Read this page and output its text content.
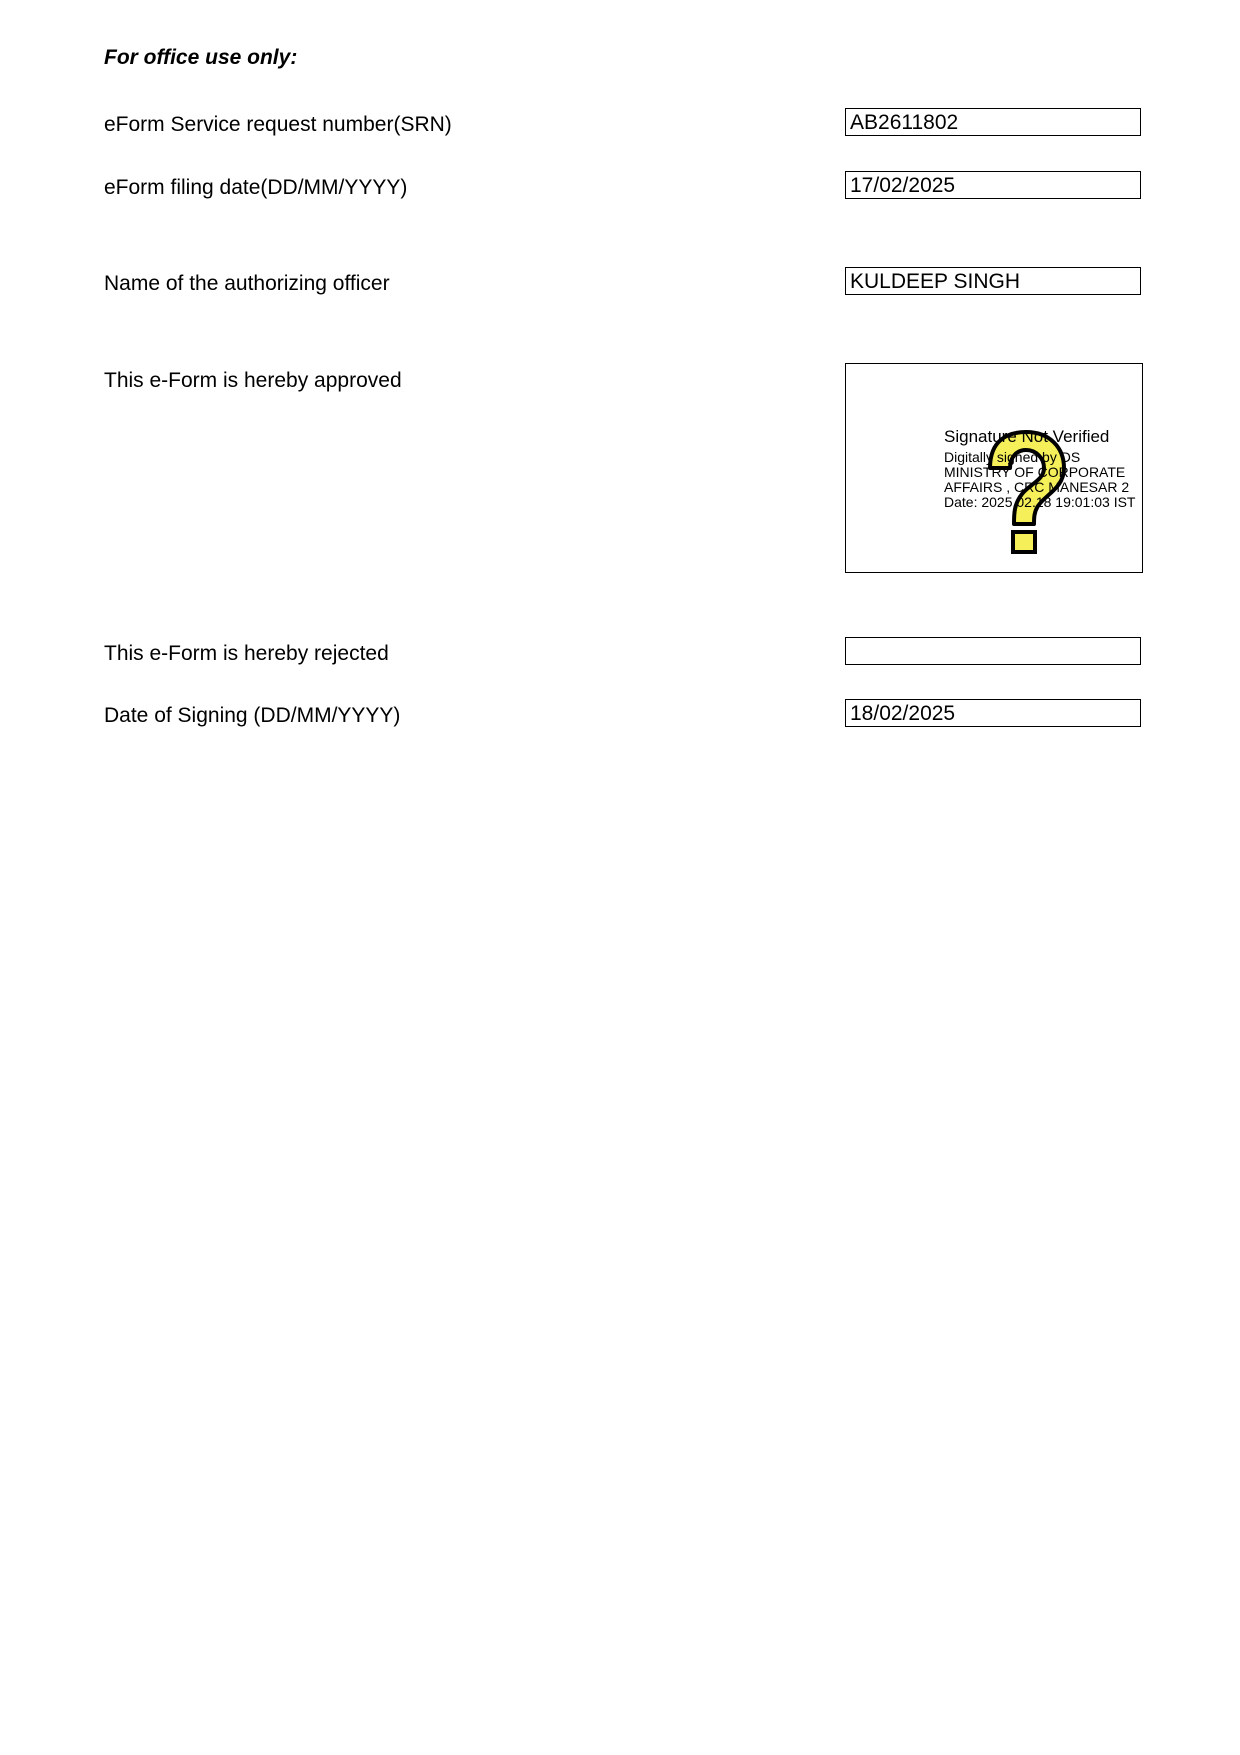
For office use only:
eForm Service request number(SRN)	AB2611802
eForm filing date(DD/MM/YYYY)	17/02/2025
Name of the authorizing officer	KULDEEP SINGH
This e-Form is hereby approved
Signature Not Verified
Digitally signed by DS MINISTRY OF CORPORATE AFFAIRS , CRC MANESAR 2
Date: 2025.02.18 19:01:03 IST
This e-Form is hereby rejected
Date of Signing (DD/MM/YYYY)	18/02/2025
